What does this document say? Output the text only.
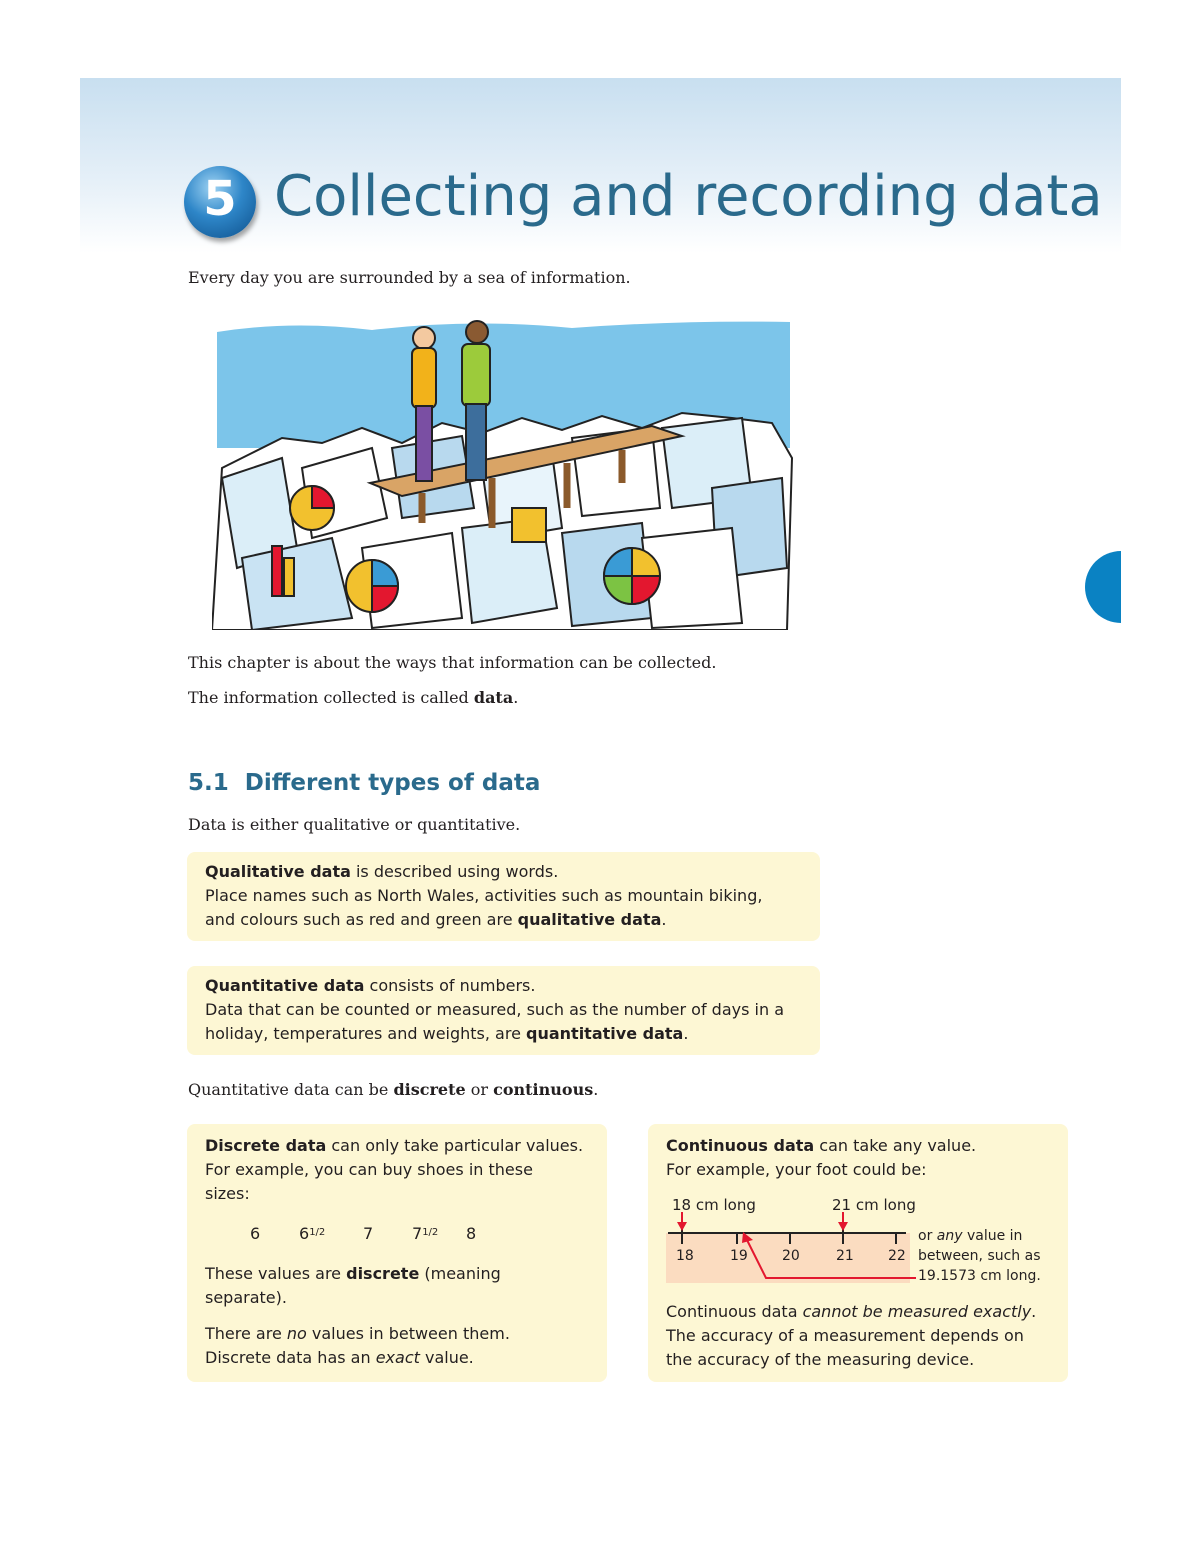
5 Collecting and recording data
Every day you are surrounded by a sea of information.
This chapter is about the ways that information can be collected.
The information collected is called data.
5.1 Different types of data
Data is either qualitative or quantitative.
Qualitative data is described using words.
Place names such as North Wales, activities such as mountain biking,
and colours such as red and green are qualitative data.
Quantitative data consists of numbers.
Data that can be counted or measured, such as the number of days in a
holiday, temperatures and weights, are quantitative data.
Quantitative data can be discrete or continuous.
Discrete data can only take particular values.
For example, you can buy shoes in these
sizes:
6 61/2 7 71/2 8
These values are discrete (meaning
separate).
There are no values in between them.
Discrete data has an exact value.
Continuous data can take any value.
For example, your foot could be:
18 cm long	21 cm long
18	19 20	21 22
or any value in
between, such as
19.1573 cm long.
Continuous data cannot be measured exactly.
The accuracy of a measurement depends on
the accuracy of the measuring device.
